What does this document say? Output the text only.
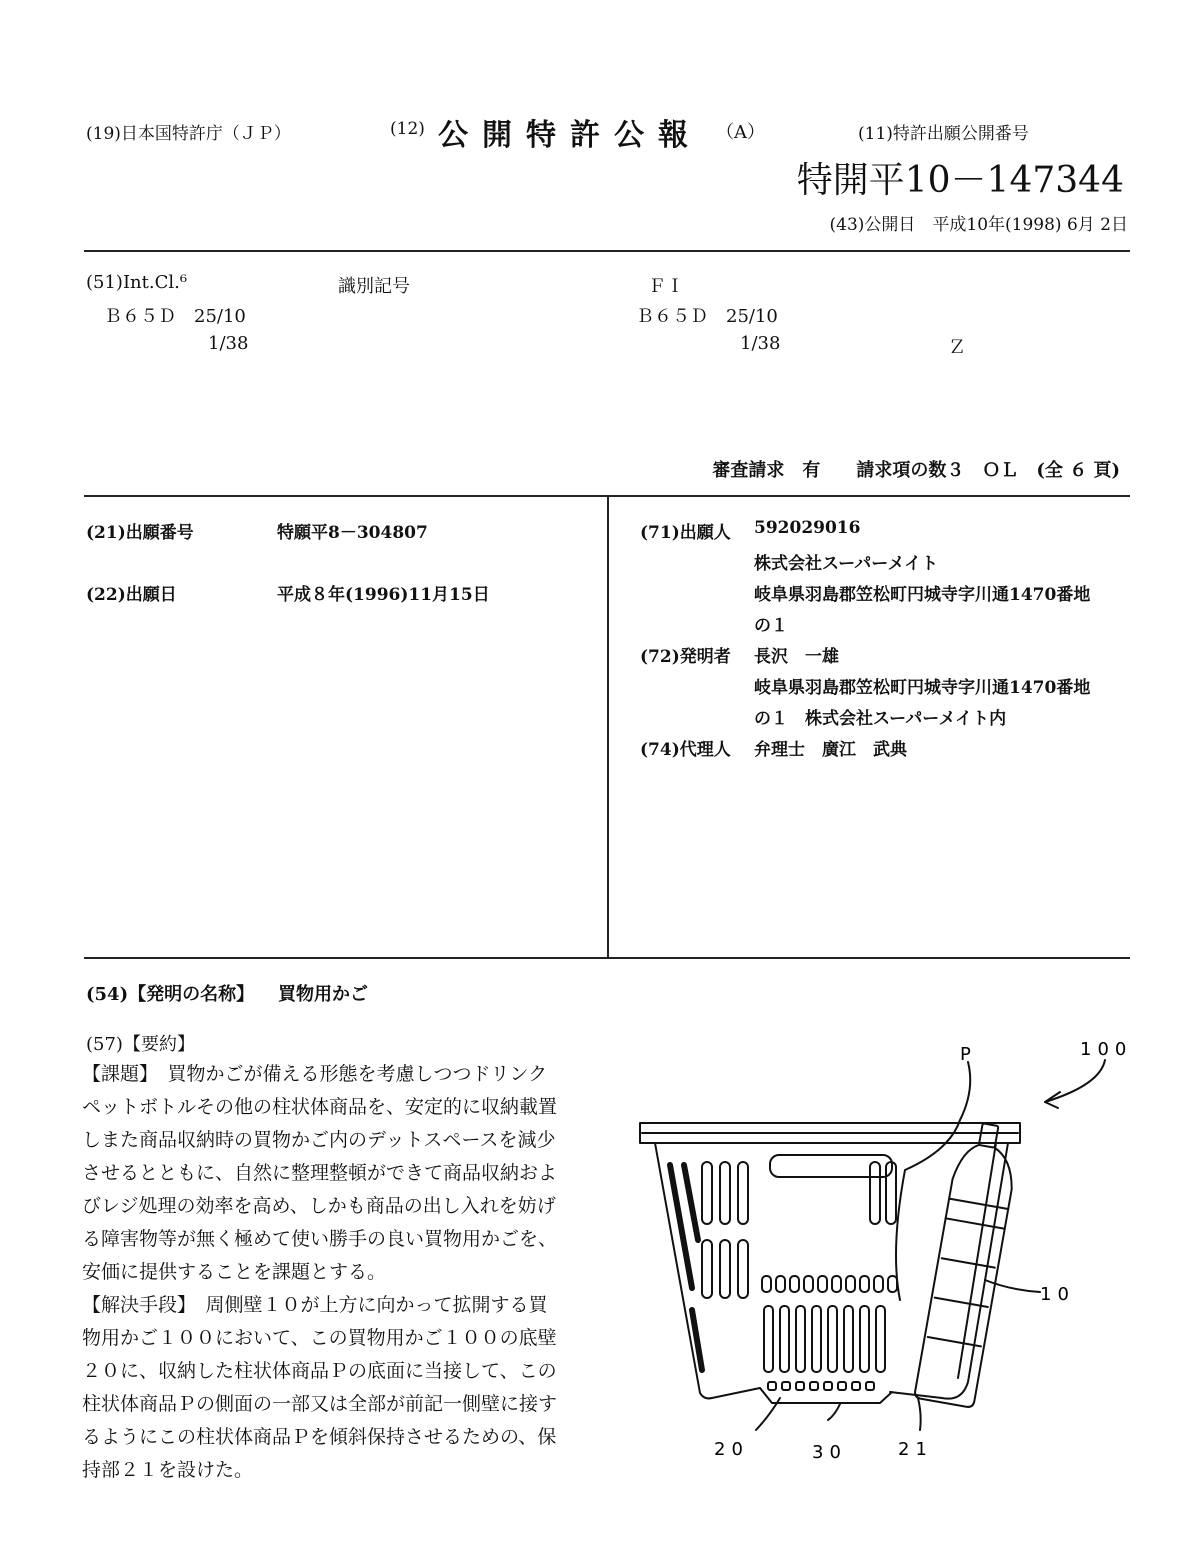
(19)日本国特許庁（ＪＰ）	(12) 公開特許公報 （A）	(11)特許出願公開番号
特開平10－147344
(43)公開日　平成10年(1998) 6月 2日
(51)Int.Cl.⁶	識別記号	ＦＩ
Ｂ６５Ｄ　25/10
1/38
Ｂ６５Ｄ　25/10
1/38	Ｚ
審査請求　有　　請求項の数３　ＯＬ　(全 ６ 頁)
(21)出願番号	特願平8－304807
(22)出願日	平成８年(1996)11月15日
(71)出願人 592029016
株式会社スーパーメイト
岐阜県羽島郡笠松町円城寺字川通1470番地
の１
(72)発明者 長沢　一雄
岐阜県羽島郡笠松町円城寺字川通1470番地
の１　株式会社スーパーメイト内
(74)代理人 弁理士　廣江　武典
(54)【発明の名称】 買物用かご
(57)【要約】
【課題】　買物かごが備える形態を考慮しつつドリンク
ペットボトルその他の柱状体商品を、安定的に収納載置
しまた商品収納時の買物かご内のデットスペースを減少
させるとともに、自然に整理整頓ができて商品収納およ
びレジ処理の効率を高め、しかも商品の出し入れを妨げ
る障害物等が無く極めて使い勝手の良い買物用かごを、
安価に提供することを課題とする。
【解決手段】　周側壁１０が上方に向かって拡開する買
物用かご１００において、この買物用かご１００の底壁
２０に、収納した柱状体商品Ｐの底面に当接して、この
柱状体商品Ｐの側面の一部又は全部が前記一側壁に接す
るようにこの柱状体商品Ｐを傾斜保持させるための、保
持部２１を設けた。
P	100
10
20	30	21
